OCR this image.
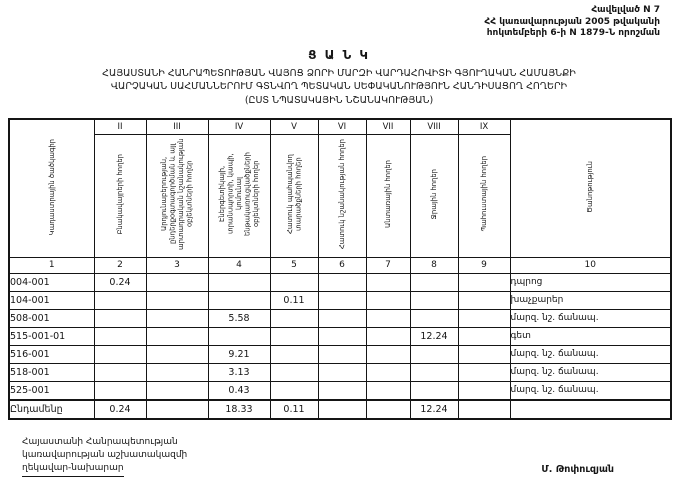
Հավելված N 7
ՀՀ կառավարության 2005 թվականի
հոկտեմբերի 6-ի N 1879-Ն որոշման
Ց Ա Ն Կ
ՀԱՅԱՍՏԱՆԻ ՀԱՆՐԱՊԵՏՈՒԹՅԱՆ ՎԱՅՈՑ ՁՈՐԻ ՄԱՐԶԻ ՎԱՐԴԱՀՈՎԻՏԻ ԳՅՈՒՂԱԿԱՆ ՀԱՄԱՅՆՔԻ
ՎԱՐՉԱԿԱՆ ՍԱՀՄԱՆՆԵՐՈՒՄ ԳՏՆՎՈՂ ՊԵՏԱԿԱՆ ՍԵՓԱԿԱՆՈՒԹՅՈՒՆ ՀԱՆԴԻՍԱՑՈՂ ՀՈՂԵՐԻ
(ԸՍՏ ՆՊԱՏԱԿԱՅԻՆ ՆՇԱՆԱԿՈՒԹՅԱՆ)
Կադաստրային ծածկագիր	II	III	IV	V	VI	VII	VIII	IX	Ծանոթություն
	Բնակավայրերի հողեր	Արդյունաբերության, ընդերքօգտագործման և այլ արտադրական նշանակության օբյեկտների հողեր	Էներգետիկայի, տրանսպորտի, կապի, կոմունալ ենթակառուցվածքների օբյեկտների հողեր	Հատուկ պահպանվող տարածքների հողեր	Հատուկ նշանակության հողեր	Անտառային հողեր	Ջրային հողեր	Պահուստային հողեր	
1	2	3	4	5	6	7	8	9	10
004-001	0.24								դպրոց
104-001				0.11					խաչքարեր
508-001			5.58						մարզ. նշ. ճանապ.
515-001-01							12.24		գետ
516-001			9.21						մարզ. նշ. ճանապ.
518-001			3.13						մարզ. նշ. ճանապ.
525-001			0.43						մարզ. նշ. ճանապ.
Ընդամենը	0.24		18.33	0.11			12.24		
Հայաստանի Հանրապետության
կառավարության աշխատակազմի
ղեկավար-նախարար	Մ. Թոփուզյան
